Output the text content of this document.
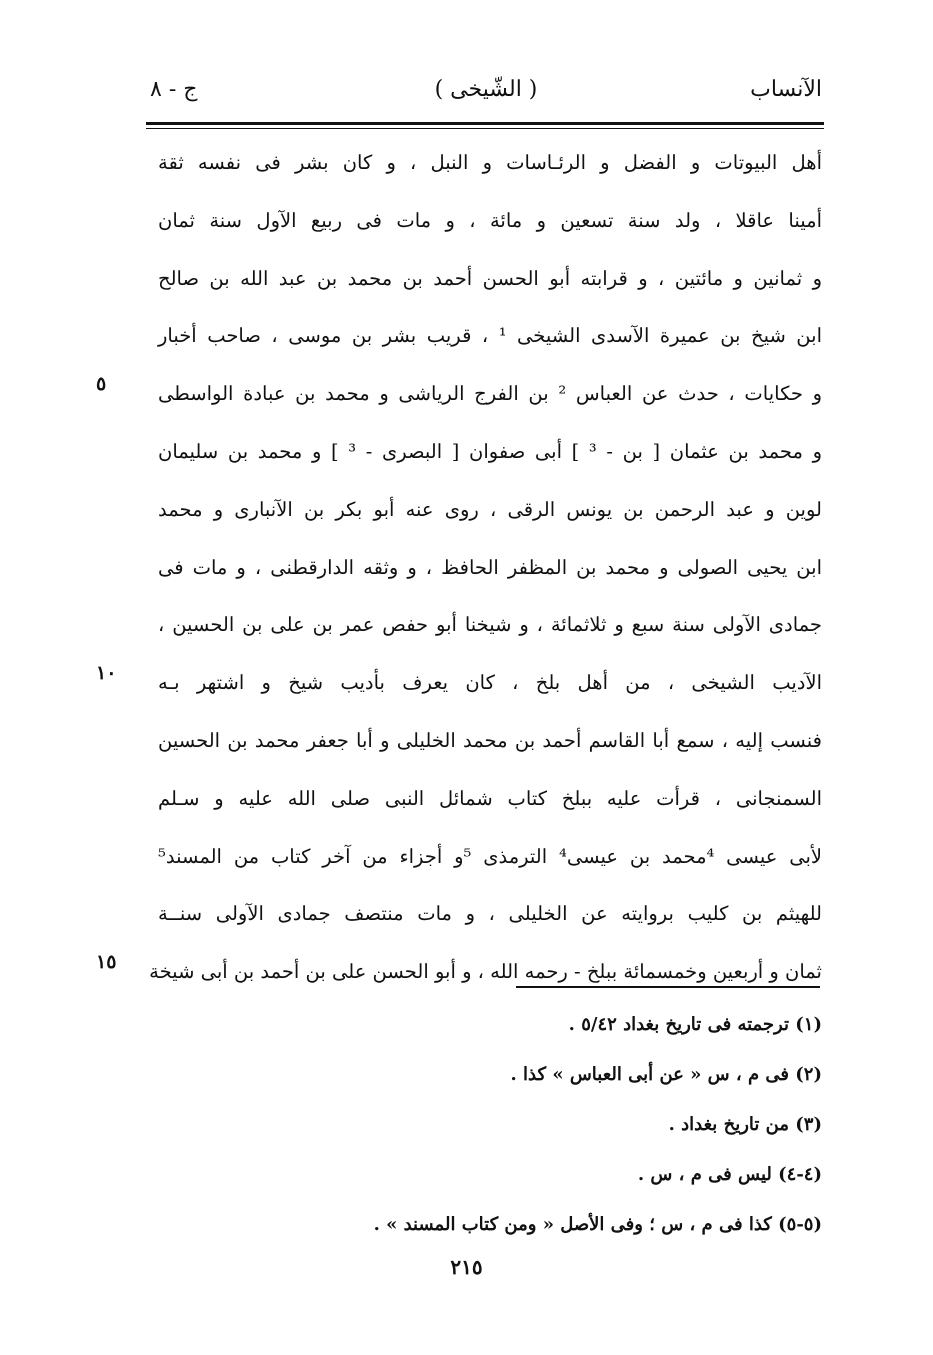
الآنساب
( الشّيخى )
ج - ٨
أهل البيوتات و الفضل و الرئـاسات و النبل ، و كان بشر فى نفسه ثقة
أمينا عاقلا ، ولد سنة تسعين و مائة ، و مات فى ربيع الآول سنة ثمان
و ثمانين و مائتين ، و قرابته أبو الحسن أحمد بن محمد بن عبد الله بن صالح
ابن شيخ بن عميرة الآسدى الشيخى ¹ ، قريب بشر بن موسى ، صاحب أخبار
و حكايات ، حدث عن العباس ² بن الفرج الرياشى و محمد بن عبادة الواسطى
و محمد بن عثمان [ بن - ³ ] أبى صفوان [ البصرى - ³ ] و محمد بن سليمان
لوين و عبد الرحمن بن يونس الرقى ، روى عنه أبو بكر بن الآنبارى و محمد
ابن يحيى الصولى و محمد بن المظفر الحافظ ، و وثقه الدارقطنى ، و مات فى
جمادى الآولى سنة سبع و ثلاثمائة ، و شيخنا أبو حفص عمر بن على بن الحسين ،
الآديب الشيخى ، من أهل بلخ ، كان يعرف بأديب شيخ و اشتهر بـه
فنسب إليه ، سمع أبا القاسم أحمد بن محمد الخليلى و أبا جعفر محمد بن الحسين
السمنجانى ، قرأت عليه ببلخ كتاب شمائل النبى صلى الله عليه و سـلم
لأبى عيسى ⁴محمد بن عيسى⁴ الترمذى ⁵و أجزاء من آخر كتاب من المسند⁵
للهيثم بن كليب بروايته عن الخليلى ، و مات منتصف جمادى الآولى سنــة
ثمان و أربعين وخمسمائة ببلخ - رحمه الله ، و أبو الحسن على بن أحمد بن أبى شيخة
٥
١٠
١٥
(١) ترجمته فى تاريخ بغداد ٥/٤٢ .
(٢) فى م ، س « عن أبى العباس » كذا .
(٣) من تاريخ بغداد .
(٤-٤) ليس فى م ، س .
(٥-٥) كذا فى م ، س ؛ وفى الأصل « ومن كتاب المسند » .
٢١٥
